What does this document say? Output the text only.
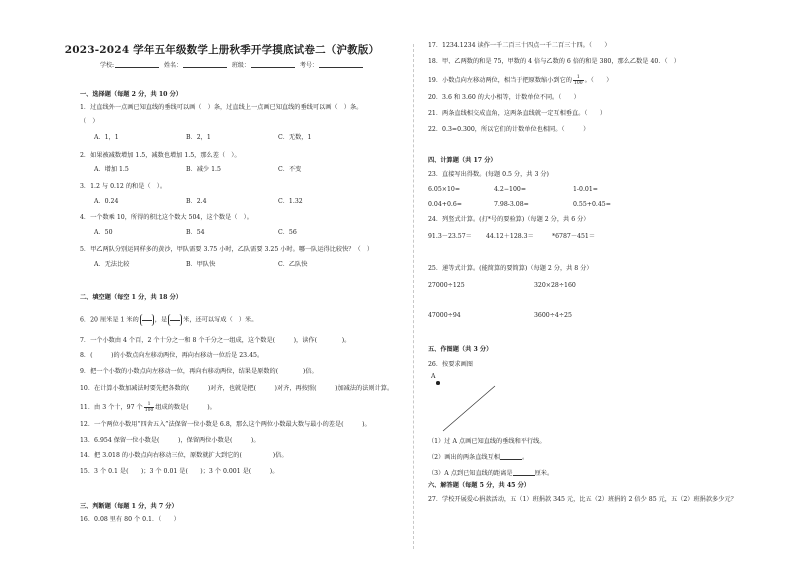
2023-2024 学年五年级数学上册秋季开学摸底试卷二（沪教版）
学校:	姓名：	班级：	考号：
一、选择题（每题 2 分，共 10 分）
1．过直线外一点画已知直线的垂线可以画（　）条，过直线上一点画已知直线的垂线可以画（　）条。
（　）
A．1，1	B．2，1	C．无数，1
2．如果被减数增加 1.5，减数也增加 1.5，那么差（　）。
A．增加 1.5	B．减少 1.5	C．不变
3．1.2 与 0.12 的和是（　）。
A．0.24	B．2.4	C．1.32
4．一个数乘 10，所得的积比这个数大 504，这个数是（　）。
A．50	B．54	C．56
5．甲乙两队分别运同样多的黄沙，甲队需要 3.75 小时，乙队需要 3.25 小时。哪一队运得比较快？（　）
A．无法比较	B．甲队快	C．乙队快
二、填空题（每空 1 分，共 18 分）
6．20 厘米是 1 米的	，是	米，还可以写成（　）米。
7．一个小数由 4 个百，2 个十分之一和 8 个千分之一组成，这个数是(　　　)，读作(　　　　)。
8．(　　　)的小数点向左移动两位，再向右移动一位后是 23.45。
9．把一个小数的小数点向左移动一位，再向右移动两位，结果是原数的(　　　　)倍。
10．在计算小数加减法时要先把各数的(　　　)对齐，也就是把(　　　)对齐，再按照(　　　)加减法的法则计算。
11．由 3 个十，97 个 $\frac{1}{100}$ 组成的数是(　　　)。
12．一个两位小数用“四舍五入”法保留一位小数是 6.8，那么这个两位小数最大数与最小的差是(　　　)。
13．6.954 保留一位小数是(　　　)，保留两位小数是(　　　)。
14．把 3.018 的小数点向右移动三位，原数就扩大到它的(　　　　　)倍。
15．3 个 0.1 是(　　)；3 个 0.01 是(　　)；3 个 0.001 是(　　　)。
三、判断题（每题 1 分，共 7 分）
16．0.08 里有 80 个 0.1．（　　）
17．1234.1234 读作一千二百三十四点一千二百三十四。（　　）
18．甲、乙两数的和是 75，甲数的 4 倍与乙数的 6 倍的和是 380，那么乙数是 40．（　）
19．小数点向左移动两位，相当于把原数缩小到它的 $\frac{1}{100}$ 。（　　）
20．3.6 和 3.60 的大小相等，计数单位不同。（　　）
21．两条直线相交成直角，这两条直线就一定互相垂直。（　　）
22．0.3=0.300，所以它们的计数单位也相同。（　　　）
四、计算题（共 17 分）
23．直接写出得数。(每题 0.5 分，共 3 分)
6.05×10=	4.2−100=	1-0.01=
0.04+0.6=	7.98-3.08=	0.55+0.45=
24．列竖式计算。(打*号的要验算)（每题 2 分，共 6 分）
91.3－23.57＝	44.12＋128.3＝	*6787－451＝
25．递等式计算。(能简算的要简算)（每题 2 分，共 8 分）
27000÷125	320×28÷160
47000÷94	3600÷4÷25
五、作图题（共 3 分）
26．按要求画图
A
（1）过 A 点画已知直线的垂线和平行线。
（2）画出的两条直线互相	。
（3）A 点到已知直线的距离是	厘米。
六、解答题（每题 5 分，共 45 分）
27．学校开展爱心捐款活动，五（1）班捐款 345 元，比五（2）班捐的 2 倍少 85 元，五（2）班捐款多少元？
